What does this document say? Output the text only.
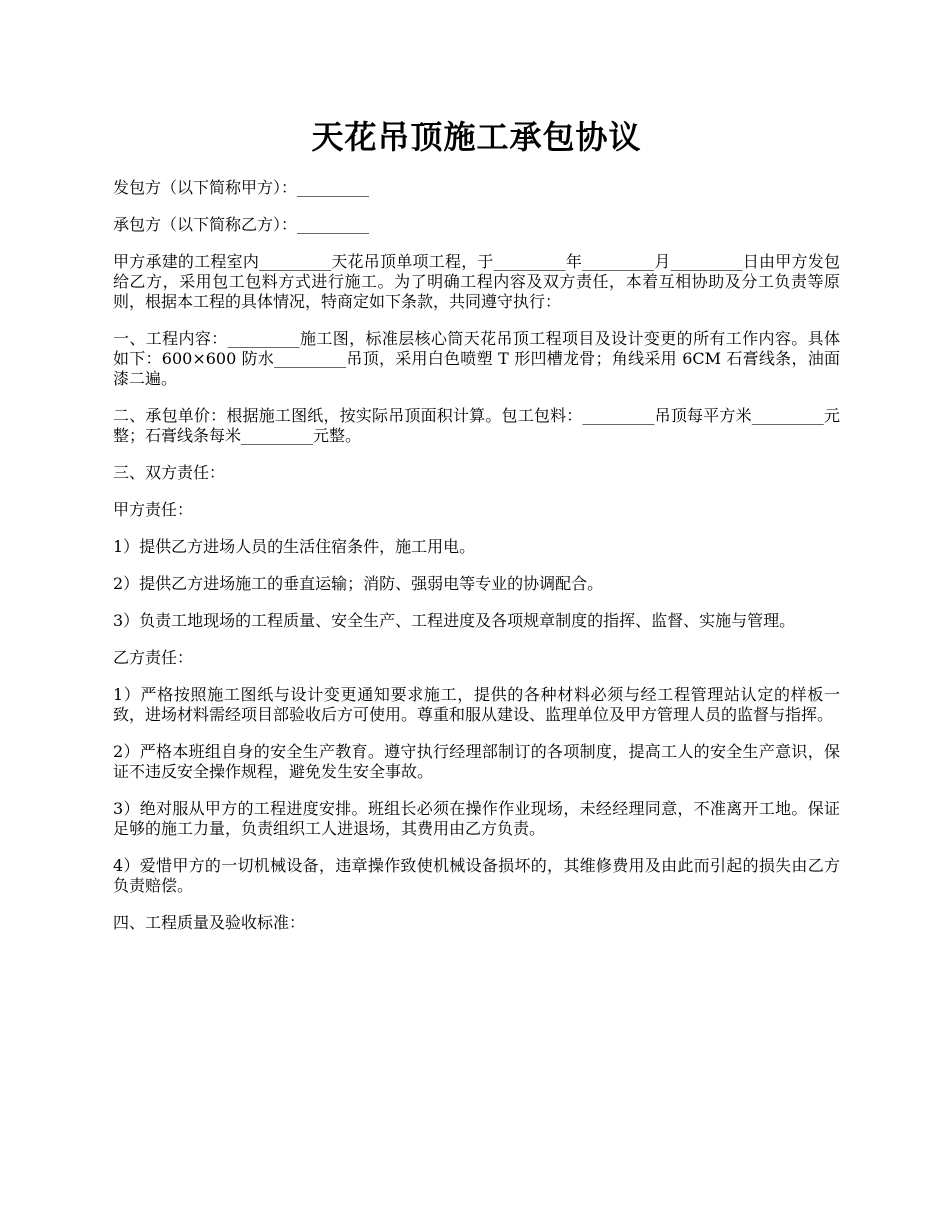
天花吊顶施工承包协议

发包方（以下简称甲方）：_________

承包方（以下简称乙方）：_________

甲方承建的工程室内_________天花吊顶单项工程，于_________年_________月_________日由甲方发包给乙方，采用包工包料方式进行施工。为了明确工程内容及双方责任，本着互相协助及分工负责等原则，根据本工程的具体情况，特商定如下条款，共同遵守执行：

一、工程内容：_________施工图，标准层核心筒天花吊顶工程项目及设计变更的所有工作内容。具体如下：600×600 防水_________吊顶，采用白色喷塑 T 形凹槽龙骨；角线采用 6CM 石膏线条，油面漆二遍。

二、承包单价：根据施工图纸，按实际吊顶面积计算。包工包料：_________吊顶每平方米_________元整；石膏线条每米_________元整。

三、双方责任：

甲方责任：

1）提供乙方进场人员的生活住宿条件，施工用电。

2）提供乙方进场施工的垂直运输；消防、强弱电等专业的协调配合。

3）负责工地现场的工程质量、安全生产、工程进度及各项规章制度的指挥、监督、实施与管理。

乙方责任：

1）严格按照施工图纸与设计变更通知要求施工，提供的各种材料必须与经工程管理站认定的样板一致，进场材料需经项目部验收后方可使用。尊重和服从建设、监理单位及甲方管理人员的监督与指挥。

2）严格本班组自身的安全生产教育。遵守执行经理部制订的各项制度，提高工人的安全生产意识，保证不违反安全操作规程，避免发生安全事故。

3）绝对服从甲方的工程进度安排。班组长必须在操作作业现场，未经经理同意，不准离开工地。保证足够的施工力量，负责组织工人进退场，其费用由乙方负责。

4）爱惜甲方的一切机械设备，违章操作致使机械设备损坏的，其维修费用及由此而引起的损失由乙方负责赔偿。

四、工程质量及验收标准：
